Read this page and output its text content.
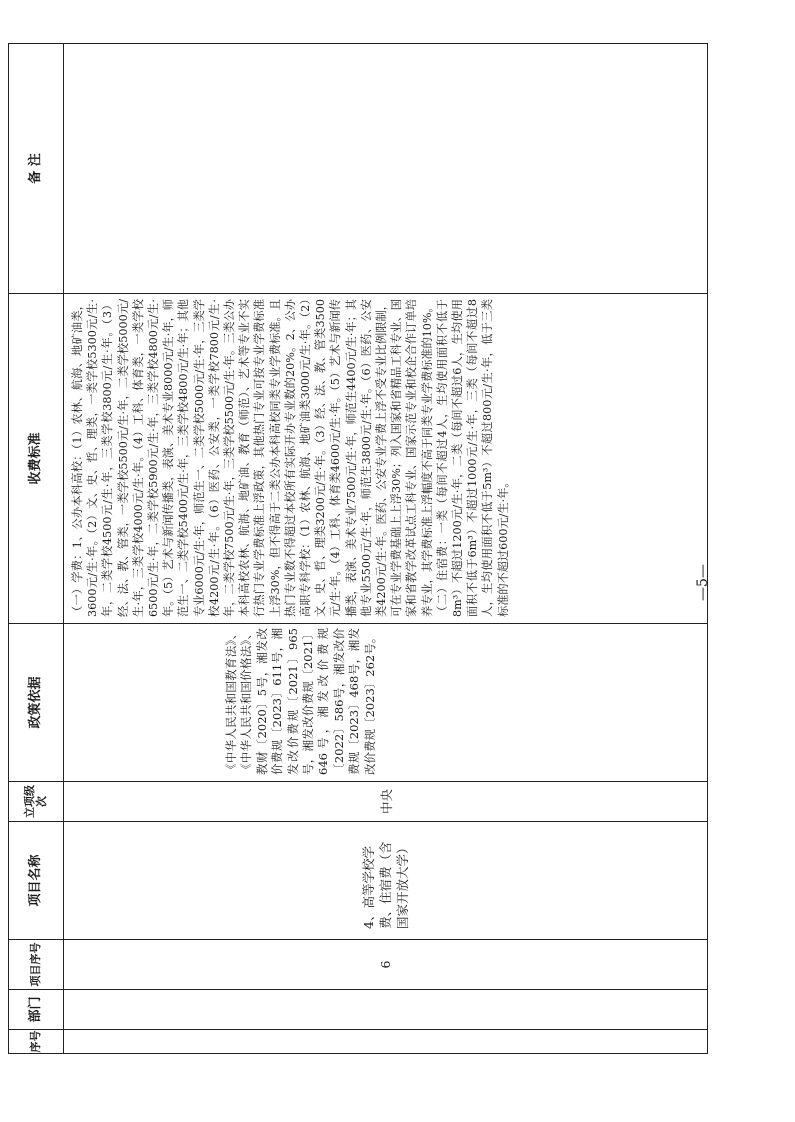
序号	部门	项目序号	项目名称	立项级次	政策依据	收费标准	备 注
		6	4、高等学校学费、住宿费（含国家开放大学）	中央	《中华人民共和国教育法》、《中华人民共和国价格法》、教财〔2020〕5号，湘发改价费规〔2023〕611号，湘发改价费规〔2021〕965号，湘发改价费规〔2021〕646号，湘发改价费规〔2022〕586号，湘发改价费规〔2023〕468号，湘发改价费规〔2023〕262号。	（一）学费：1、公办本科高校：（1）农林、航海、地矿油类，3600元/生·年。（2）文、史、哲、理类，一类学校5300元/生·年，二类学校4500元/生·年，三类学校3800元/生·年。（3）经、法、教、管类，一类学校5500元/生·年，二类学校5000元/生·年，三类学校4000元/生·年。（4）工科、体育类，一类学校6500元/生·年，二类学校5900元/生·年，三类学校4800元/生·年。（5）艺术与新闻传播类，表演、美术专业8000元/生·年，师范生一、二类学校5400元/生·年，三类学校4800元/生·年；其他专业6000元/生·年，师范生一、二类学校5000元/生·年，三类学校4200元/生·年。（6）医药、公安类，一类学校7800元/生·年，二类学校7500元/生·年，三类学校5500元/生·年。三类公办本科高校农林、航海、地矿油、教育（师范）、艺术等专业不实行热门专业学费标准上浮政策，其他热门专业可按专业学费标准上浮30%，但不得高于二类公办本科高校同类专业学费标准。且热门专业数不得超过本校所有实际开办专业数的20%。2、公办高职专科学校：（1）农林、航海、地矿油类3000元/生·年。（2）文、史、哲、理类3200元/生·年。（3）经、法、教、管类3500元/生·年。（4）工科、体育类4600元/生·年。（5）艺术与新闻传播类，表演、美术专业7500元/生·年，师范生4400元/生·年；其他专业5500元/生·年，师范生3800元/生·年。（6）医药、公安类4200元/生·年。医药、公安专业学费上浮不受专业比例限制，可在专业学费基础上上浮30%；列入国家和省精品工科专业、国家和省教学改革试点工科专业、国家示范专业和校企合作订单培养专业，其学费标准上浮幅度不高于同类专业学费标准的10%。 （二）住宿费：一类（每间不超过4人，生均使用面积不低于8m³）不超过1200元/生·年，二类（每间不超过6人，生均使用面积不低于6m³）不超过1000元/生·年，三类（每间不超过8人，生均使用面积不低于5m³）不超过800元/生·年，低于三类标准的不超过600元/生·年。	

		—5—
